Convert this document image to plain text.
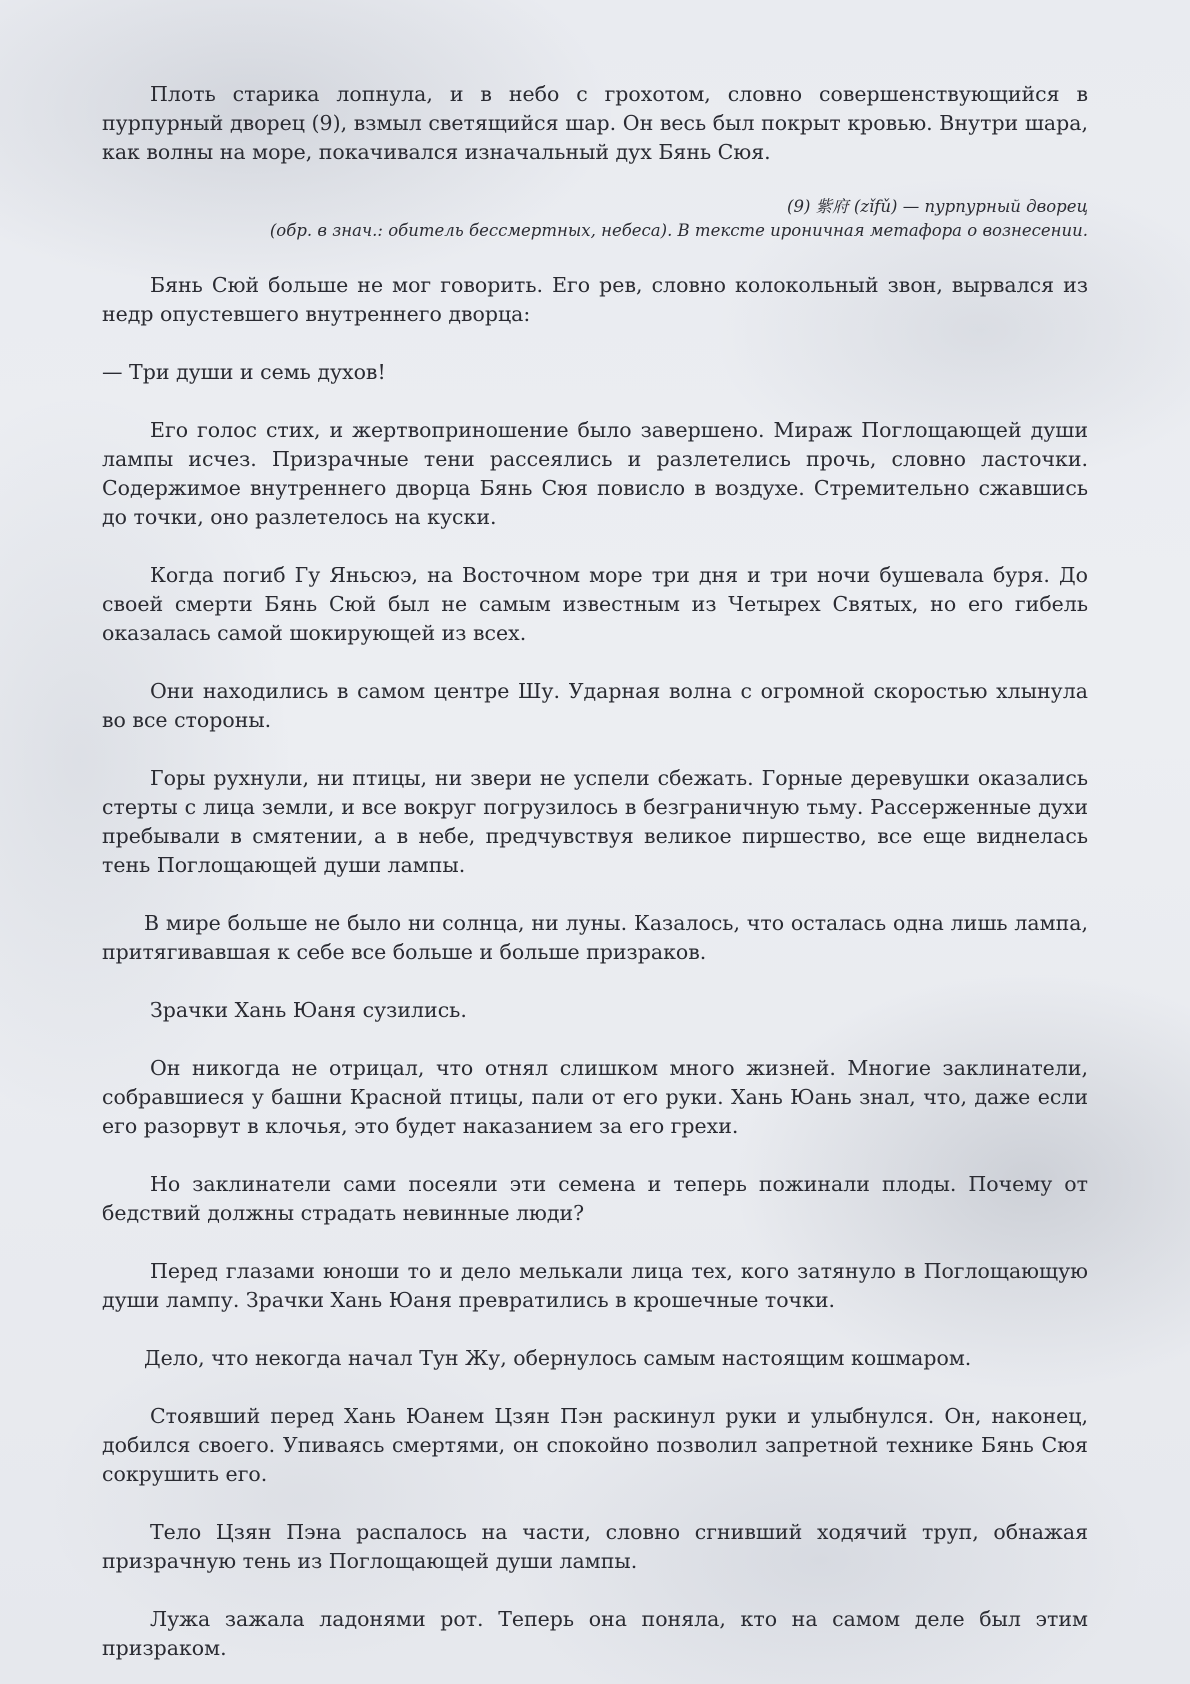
Плоть старика лопнула, и в небо с грохотом, словно совершенствующийся в пурпурный дворец (9), взмыл светящийся шар. Он весь был покрыт кровью. Внутри шара, как волны на море, покачивался изначальный дух Бянь Сюя.

(9) 紫府 (zǐfǔ) — пурпурный дворец

(обр. в знач.: обитель бессмертных, небеса). В тексте ироничная метафора о вознесении.

Бянь Сюй больше не мог говорить. Его рев, словно колокольный звон, вырвался из недр опустевшего внутреннего дворца:

— Три души и семь духов!

Его голос стих, и жертвоприношение было завершено. Мираж Поглощающей души лампы исчез. Призрачные тени рассеялись и разлетелись прочь, словно ласточки. Содержимое внутреннего дворца Бянь Сюя повисло в воздухе. Стремительно сжавшись до точки, оно разлетелось на куски.

Когда погиб Гу Яньсюэ, на Восточном море три дня и три ночи бушевала буря. До своей смерти Бянь Сюй был не самым известным из Четырех Святых, но его гибель оказалась самой шокирующей из всех.

Они находились в самом центре Шу. Ударная волна с огромной скоростью хлынула во все стороны.

Горы рухнули, ни птицы, ни звери не успели сбежать. Горные деревушки оказались стерты с лица земли, и все вокруг погрузилось в безграничную тьму. Рассерженные духи пребывали в смятении, а в небе, предчувствуя великое пиршество, все еще виднелась тень Поглощающей души лампы.

В мире больше не было ни солнца, ни луны. Казалось, что осталась одна лишь лампа, притягивавшая к себе все больше и больше призраков.

Зрачки Хань Юаня сузились.

Он никогда не отрицал, что отнял слишком много жизней. Многие заклинатели, собравшиеся у башни Красной птицы, пали от его руки. Хань Юань знал, что, даже если его разорвут в клочья, это будет наказанием за его грехи.

Но заклинатели сами посеяли эти семена и теперь пожинали плоды. Почему от бедствий должны страдать невинные люди?

Перед глазами юноши то и дело мелькали лица тех, кого затянуло в Поглощающую души лампу. Зрачки Хань Юаня превратились в крошечные точки.

Дело, что некогда начал Тун Жу, обернулось самым настоящим кошмаром.

Стоявший перед Хань Юанем Цзян Пэн раскинул руки и улыбнулся. Он, наконец, добился своего. Упиваясь смертями, он спокойно позволил запретной технике Бянь Сюя сокрушить его.

Тело Цзян Пэна распалось на части, словно сгнивший ходячий труп, обнажая призрачную тень из Поглощающей души лампы.

Лужа зажала ладонями рот. Теперь она поняла, кто на самом деле был этим призраком.
